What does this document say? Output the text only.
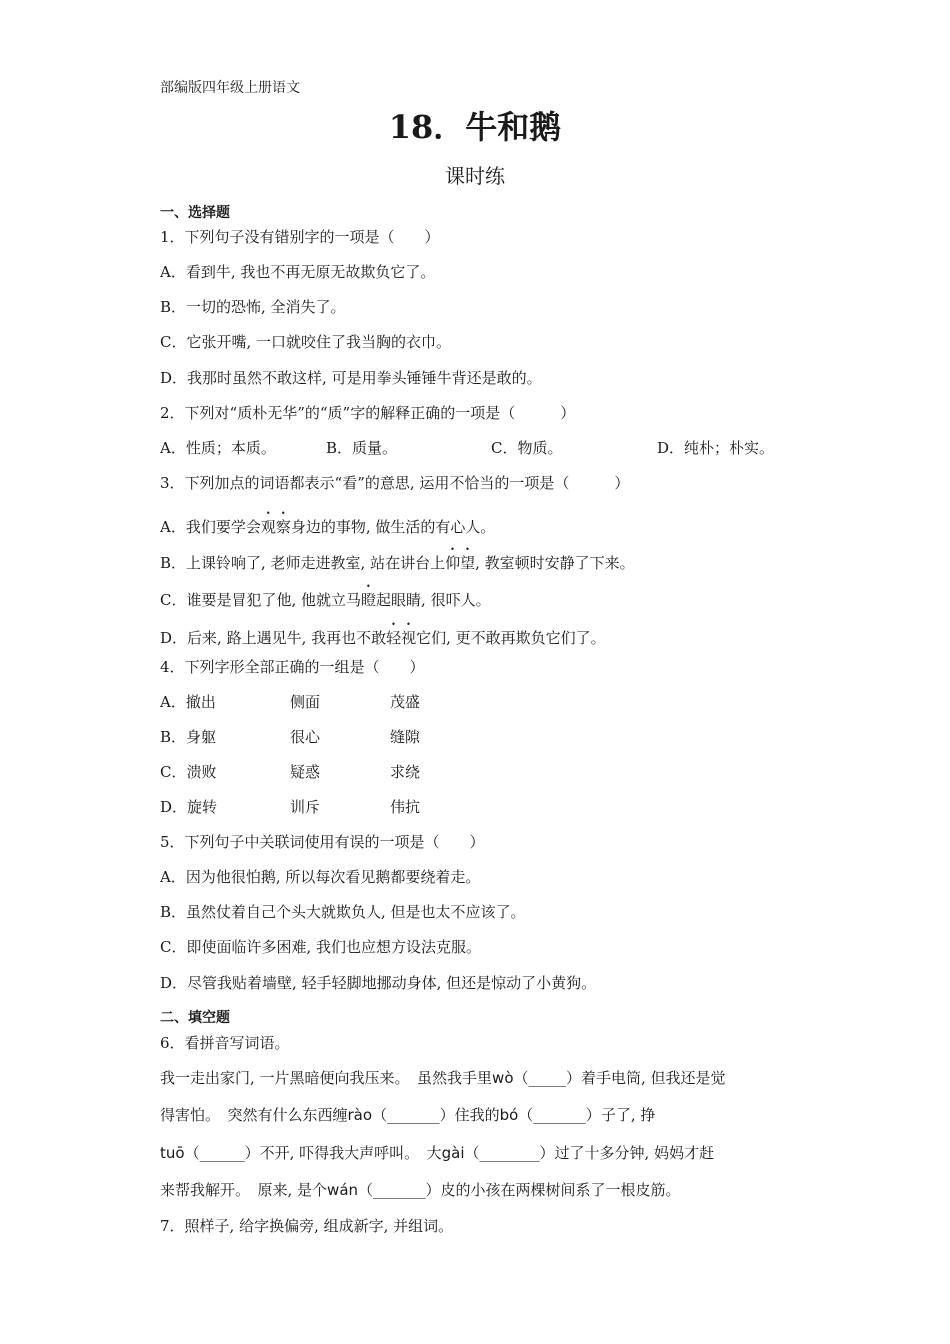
部编版四年级上册语文
18．牛和鹅
课时练
一、选择题
1．下列句子没有错别字的一项是（　　）
A．看到牛, 我也不再无原无故欺负它了。
B．一切的恐怖, 全消失了。
C．它张开嘴, 一口就咬住了我当胸的衣巾。
D．我那时虽然不敢这样, 可是用拳头锤锤牛背还是敢的。
2．下列对“质朴无华”的“质”字的解释正确的一项是（　　　）
A．性质；本质。	B．质量。	C．物质。	D．纯朴；朴实。
3．下列加点的词语都表示“看”的意思, 运用不恰当的一项是（　　　）
A．我们要学会观察身边的事物, 做生活的有心人。
B．上课铃响了, 老师走进教室, 站在讲台上仰望, 教室顿时安静了下来。
C．谁要是冒犯了他, 他就立马瞪起眼睛, 很吓人。
D．后来, 路上遇见牛, 我再也不敢轻视它们, 更不敢再欺负它们了。
4．下列字形全部正确的一组是（　　）
A．撤出	侧面	茂盛
B．身躯	很心	缝隙
C．溃败	疑惑	求绕
D．旋转	训斥	伟抗
5．下列句子中关联词使用有误的一项是（　　）
A．因为他很怕鹅, 所以每次看见鹅都要绕着走。
B．虽然仗着自己个头大就欺负人, 但是也太不应该了。
C．即使面临许多困难, 我们也应想方设法克服。
D．尽管我贴着墙壁, 轻手轻脚地挪动身体, 但还是惊动了小黄狗。
二、填空题
6．看拼音写词语。
我一走出家门, 一片黑暗便向我压来。　虽然我手里wò（_____）着手电筒, 但我还是觉
得害怕。　突然有什么东西缠rào（_______）住我的bó（_______）子了, 挣
tuō（______）不开, 吓得我大声呼叫。　大gài（________）过了十多分钟, 妈妈才赶
来帮我解开。　原来, 是个wán（_______）皮的小孩在两棵树间系了一根皮筋。
7．照样子, 给字换偏旁, 组成新字, 并组词。
